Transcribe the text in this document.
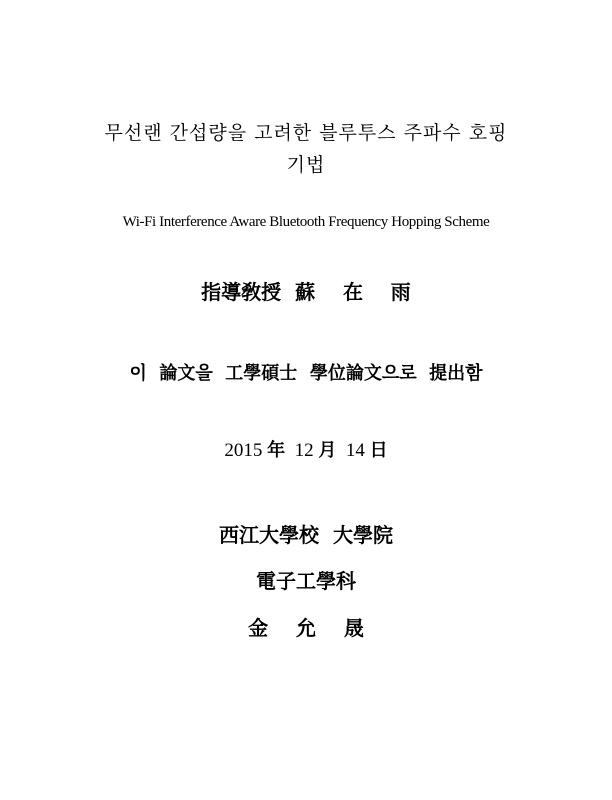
무선랜 간섭량을 고려한 블루투스 주파수 호핑
기법
Wi-Fi Interference Aware Bluetooth Frequency Hopping Scheme
指導敎授  蘇    在    雨
이  論文을  工學碩士  學位論文으로  提出함
2015 年 12 月 14 日
西江大學校  大學院
電子工學科
金    允    晟
